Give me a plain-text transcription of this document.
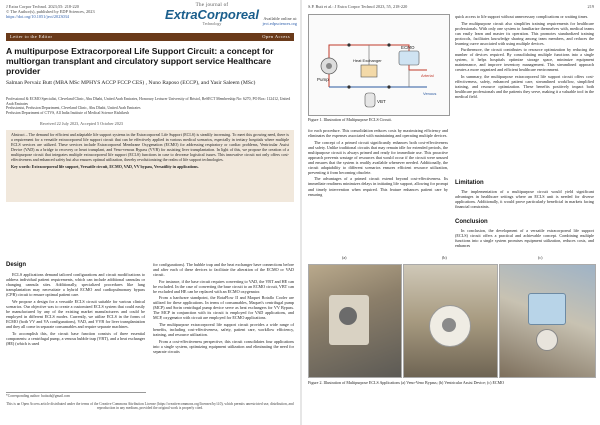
J Extra Corpor Technol. 2023;55: 218-220
© The Author(s), published by EDP Sciences, 2023
https://doi.org/10.1051/ject/2023034
The journal of
ExtraCorporeal
Technology
Available online at:
ject.edpsciences.org
Letter to the Editor	Open Access
A multipurpose Extracorporeal Life Support Circuit: a concept for multiorgan transplant and circulatory support service Healthcare provider
Salman Pervaiz Butt (MBA MSc MPHYS ACCP FCCP CES) , Nuno Raposo (ECCP), and Yasir Saleem (MSc)
Professional & ECMO Specialist, Cleveland Clinic, Abu Dhabi, United Arab Emirates, Honorary Lecturer University of Bristol, ReSECT Membership No: 6270, PO Box: 112412, United Arab Emirates
Perfusionist, Perfusion Department, Cleveland Clinic, Abu Dhabi, United Arab Emirates
Perfusion Department of CTVS, All India Institute of Medical Science Rishikesh
Received 22 July 2023, Accepted 5 October 2023

Abstract – The demand for efficient and adaptable life support systems in the Extracorporeal Life Support (ECLS) is steadily increasing. To meet this growing need, there is a requirement for a versatile extracorporeal life support circuit that can be effectively applied in various medical scenarios, especially in tertiary hospitals where multiple ECLS services are utilized. These services include Extracorporeal Membrane Oxygenation (ECMO) for addressing respiratory or cardiac problems, Ventricular Assist Device (VAD) as a bridge to recovery or heart transplant, and Veno-venous Bypass (VVB) for assisting liver transplantation. In light of this, we propose the creation of a multipurpose circuit that integrates multiple extracorporeal life support (ECLS) functions in case to decrease logistical issues. This innovative circuit not only offers cost-effectiveness and enhanced safety but also ensures optimal utilization, thereby revolutionizing the realm of life support technologies.

Key words: Extracorporeal life support, Versatile circuit, ECMO, VAD, VV bypass, Versatility in applications.

Design

ECLS applications demand tailored configurations and circuit modifications to address individual patient requirements, which can include additional cannulas or changing cannula sites. Additionally, specialized procedures like lung transplantation may necessitate a hybrid ECMO and cardiopulmonary bypass (CPB) circuit to ensure optimal patient care.

We propose a design for a versatile ECLS circuit suitable for various clinical scenarios. Our objective was to create a customized ECLS system that could easily be manufactured by any of the existing market manufacturers and could be employed in different ECLS modes. Currently, we utilize ECLS in the forms of ECMO (both VV and VA configurations), VAD, and VVB for liver transplantation and they all come in separate consumables and require separate machines.

To accomplish this, the circuit base function consists of three essential components: a centrifugal pump, a venous bubble trap (VBT), and a heat exchanger (HE) (which is used

for configurations). The bubble trap and the heat exchanger have connections before and after each of these devices to facilitate the alteration of the ECMO or VAD circuit.

For instance, if the base circuit requires converting to VAD, the VBT and HE can be excluded. In the case of converting the base circuit to an ECMO circuit, VBT can be excluded and HE can be replaced with an ECMO oxygenator.

From a hardware standpoint, the RotaFlow II and Maquet Rotaflo Cooler are utilized for these applications. In terms of consumables, Maquet's centrifugal pump (MCP) and Sorin centrifugal pump device serve as heat exchangers for VV Bypass. The MCP in conjunction with its circuit is employed for VAD applications, and MCP, oxygenator with circuit are employed for ECMO applications.

The multipurpose extracorporeal life support circuit provides a wide range of benefits, including cost-effectiveness, safety, patient care, workflow efficiency, training, and resource utilization.

From a cost-effectiveness perspective, this circuit consolidates four applications into a single system, optimizing equipment utilization and eliminating the need for separate circuits

*Corresponding author: buttsab@gmail.com
This is an Open Access article distributed under the terms of the Creative Commons Attribution License (https://creativecommons.org/licenses/by/4.0), which permits unrestricted use, distribution, and reproduction in any medium, provided the original work is properly cited.
S.P. Butt et al.: J Extra Corpor Technol 2023, 55, 218-220	219
Pump
Heat Exchanger
ECMO
VBT
Venous
Arterial
Figure 1. Illustration of Multipurpose ECLS Circuit.

for each procedure. This consolidation reduces costs by maximizing efficiency and eliminates the expenses associated with maintaining and operating multiple devices.

The concept of a primed circuit significantly enhances both cost-effectiveness and safety. Unlike traditional circuits that may remain idle for extended periods, the multipurpose circuit is always primed and ready for immediate use. This proactive approach prevents wastage of resources that would occur if the circuit were unused and ensures that the system is readily available whenever needed. Additionally, the circuit adaptability to different scenarios ensures efficient resource utilization, preventing it from becoming obsolete.

The advantages of a primed circuit extend beyond cost-effectiveness. Its immediate readiness minimizes delays in initiating life support, allowing for prompt and timely intervention when required. This feature enhances patient care by ensuring

quick access to life support without unnecessary complications or waiting times.

The multipurpose circuit also simplifies training requirements for healthcare professionals. With only one system to familiarize themselves with, medical teams can easily learn and master its operation. This promotes standardized training protocols, facilitates knowledge sharing among team members, and reduces the learning curve associated with using multiple devices.

Furthermore, the circuit contributes to resource optimization by reducing the number of devices required. By consolidating multiple functions into a single system, it helps hospitals optimize storage space, minimize equipment maintenance, and improve inventory management. This streamlined approach creates a more organized and efficient healthcare environment.

In summary, the multipurpose extracorporeal life support circuit offers cost-effectiveness, safety, enhanced patient care, streamlined workflow, simplified training, and resource optimization. These benefits positively impact both healthcare professionals and the patients they serve, making it a valuable tool in the medical field.

Limitation

The implementation of a multipurpose circuit would yield significant advantages in healthcare settings where an ECLS unit is needed for diverse applications. Additionally, it would prove particularly beneficial in markets facing financial constraints.

Conclusion

In conclusion, the development of a versatile extracorporeal life support (ECLS) circuit offers a practical and achievable concept. Combining multiple functions into a single system promises equipment utilization, reduces costs, and enhances

(a)	(b)	(c)
Figure 2. Illustration of Multipurpose ECLS Applications (a) Veno-Veno Bypass; (b) Ventricular Assist Device; (c) ECMO
